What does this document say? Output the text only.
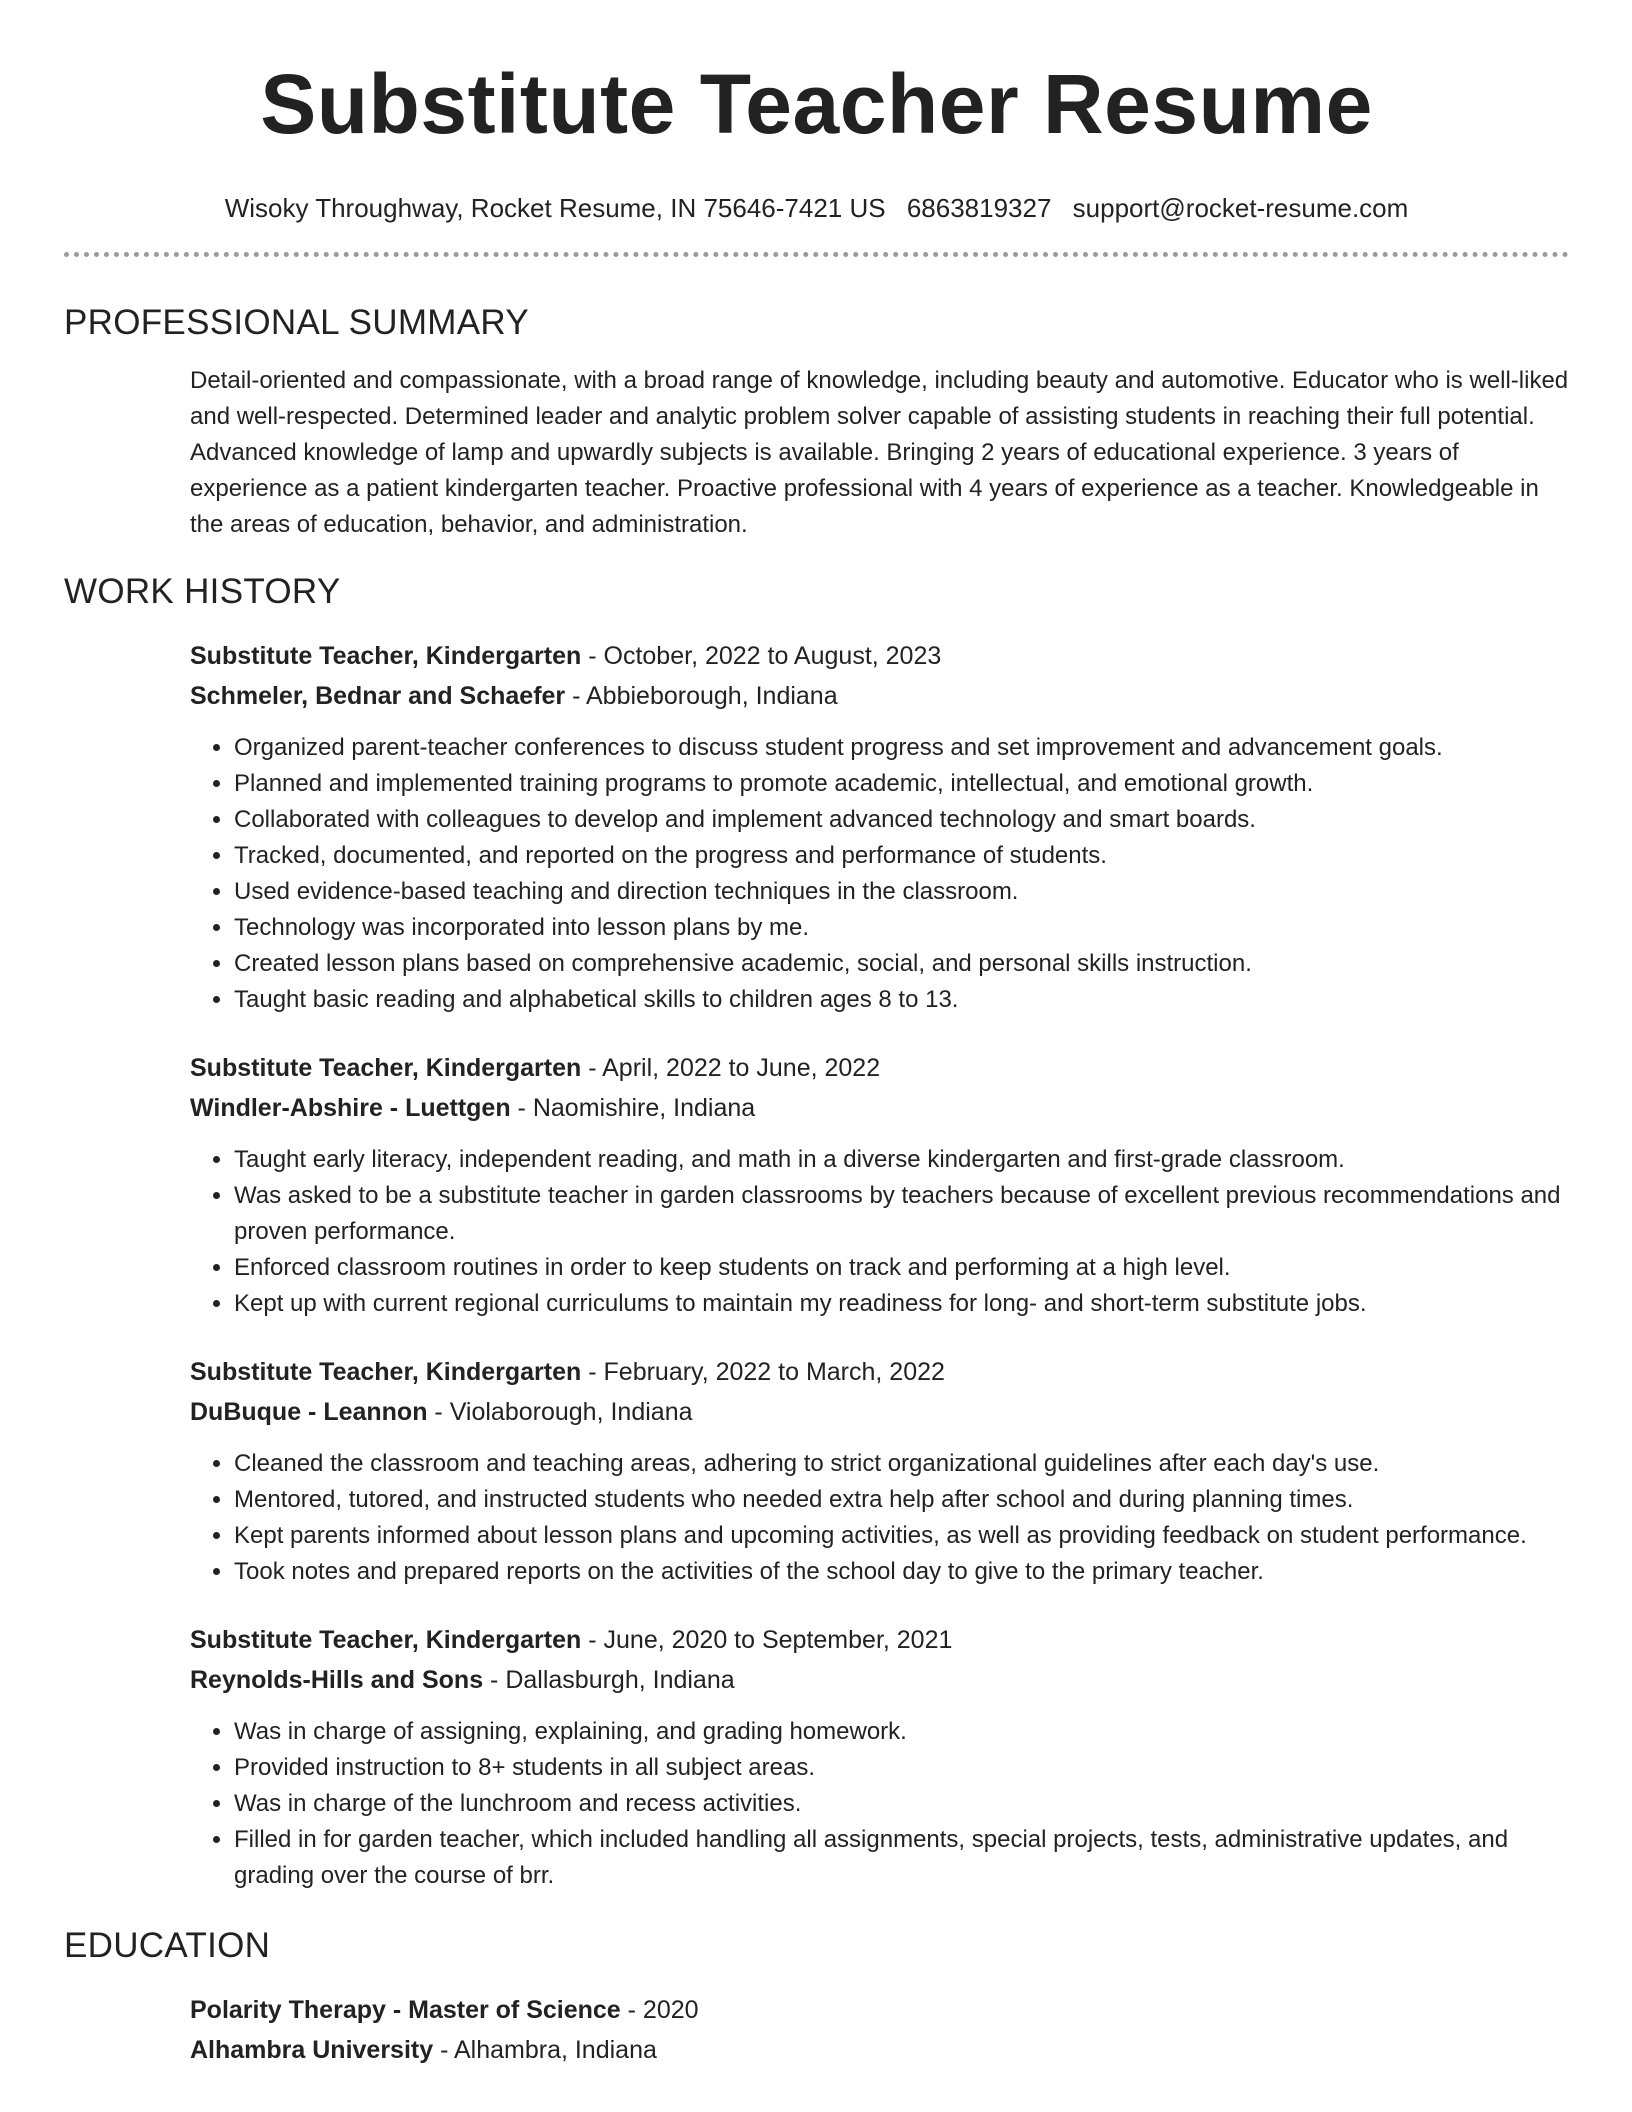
Substitute Teacher Resume
Wisoky Throughway, Rocket Resume, IN 75646-7421 US 6863819327 support@rocket-resume.com
PROFESSIONAL SUMMARY
Detail-oriented and compassionate, with a broad range of knowledge, including beauty and automotive. Educator who is well-liked and well-respected. Determined leader and analytic problem solver capable of assisting students in reaching their full potential. Advanced knowledge of lamp and upwardly subjects is available. Bringing 2 years of educational experience. 3 years of experience as a patient kindergarten teacher. Proactive professional with 4 years of experience as a teacher. Knowledgeable in the areas of education, behavior, and administration.
WORK HISTORY
Substitute Teacher, Kindergarten - October, 2022 to August, 2023
Schmeler, Bednar and Schaefer - Abbieborough, Indiana
• Organized parent-teacher conferences to discuss student progress and set improvement and advancement goals.
• Planned and implemented training programs to promote academic, intellectual, and emotional growth.
• Collaborated with colleagues to develop and implement advanced technology and smart boards.
• Tracked, documented, and reported on the progress and performance of students.
• Used evidence-based teaching and direction techniques in the classroom.
• Technology was incorporated into lesson plans by me.
• Created lesson plans based on comprehensive academic, social, and personal skills instruction.
• Taught basic reading and alphabetical skills to children ages 8 to 13.
Substitute Teacher, Kindergarten - April, 2022 to June, 2022
Windler-Abshire - Luettgen - Naomishire, Indiana
• Taught early literacy, independent reading, and math in a diverse kindergarten and first-grade classroom.
• Was asked to be a substitute teacher in garden classrooms by teachers because of excellent previous recommendations and proven performance.
• Enforced classroom routines in order to keep students on track and performing at a high level.
• Kept up with current regional curriculums to maintain my readiness for long- and short-term substitute jobs.
Substitute Teacher, Kindergarten - February, 2022 to March, 2022
DuBuque - Leannon - Violaborough, Indiana
• Cleaned the classroom and teaching areas, adhering to strict organizational guidelines after each day's use.
• Mentored, tutored, and instructed students who needed extra help after school and during planning times.
• Kept parents informed about lesson plans and upcoming activities, as well as providing feedback on student performance.
• Took notes and prepared reports on the activities of the school day to give to the primary teacher.
Substitute Teacher, Kindergarten - June, 2020 to September, 2021
Reynolds-Hills and Sons - Dallasburgh, Indiana
• Was in charge of assigning, explaining, and grading homework.
• Provided instruction to 8+ students in all subject areas.
• Was in charge of the lunchroom and recess activities.
• Filled in for garden teacher, which included handling all assignments, special projects, tests, administrative updates, and grading over the course of brr.
EDUCATION
Polarity Therapy - Master of Science - 2020
Alhambra University - Alhambra, Indiana
